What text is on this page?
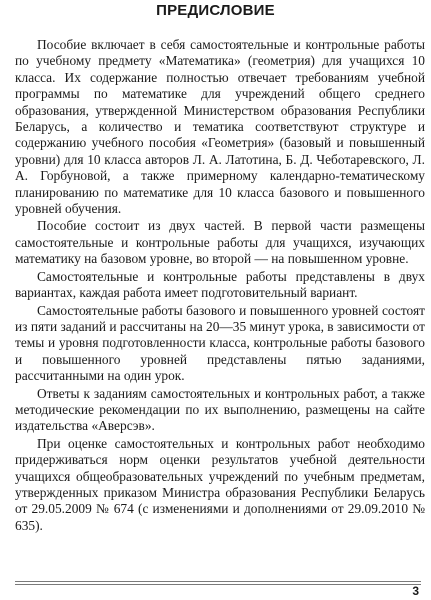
ПРЕДИСЛОВИЕ

Пособие включает в себя самостоятельные и контрольные работы по учебному предмету «Математика» (геометрия) для учащихся 10 класса. Их содержание полностью отвечает требованиям учебной программы по математике для учреждений общего среднего образования, утвержденной Министерством образования Республики Беларусь, а количество и тематика соответствуют структуре и содержанию учебного пособия «Геометрия» (базовый и повышенный уровни) для 10 класса авторов Л. А. Латотина, Б. Д. Чеботаревского, Л. А. Горбуновой, а также примерному календарно-тематическому планированию по математике для 10 класса базового и повышенного уровней обучения.

Пособие состоит из двух частей. В первой части размещены самостоятельные и контрольные работы для учащихся, изучающих математику на базовом уровне, во второй — на повышенном уровне.

Самостоятельные и контрольные работы представлены в двух вариантах, каждая работа имеет подготовительный вариант.

Самостоятельные работы базового и повышенного уровней состоят из пяти заданий и рассчитаны на 20—35 минут урока, в зависимости от темы и уровня подготовленности класса, контрольные работы базового и повышенного уровней представлены пятью заданиями, рассчитанными на один урок.

Ответы к заданиям самостоятельных и контрольных работ, а также методические рекомендации по их выполнению, размещены на сайте издательства «Аверсэв».

При оценке самостоятельных и контрольных работ необходимо придерживаться норм оценки результатов учебной деятельности учащихся общеобразовательных учреждений по учебным предметам, утвержденных приказом Министра образования Республики Беларусь от 29.05.2009 № 674 (с изменениями и дополнениями от 29.09.2010 № 635).

3
